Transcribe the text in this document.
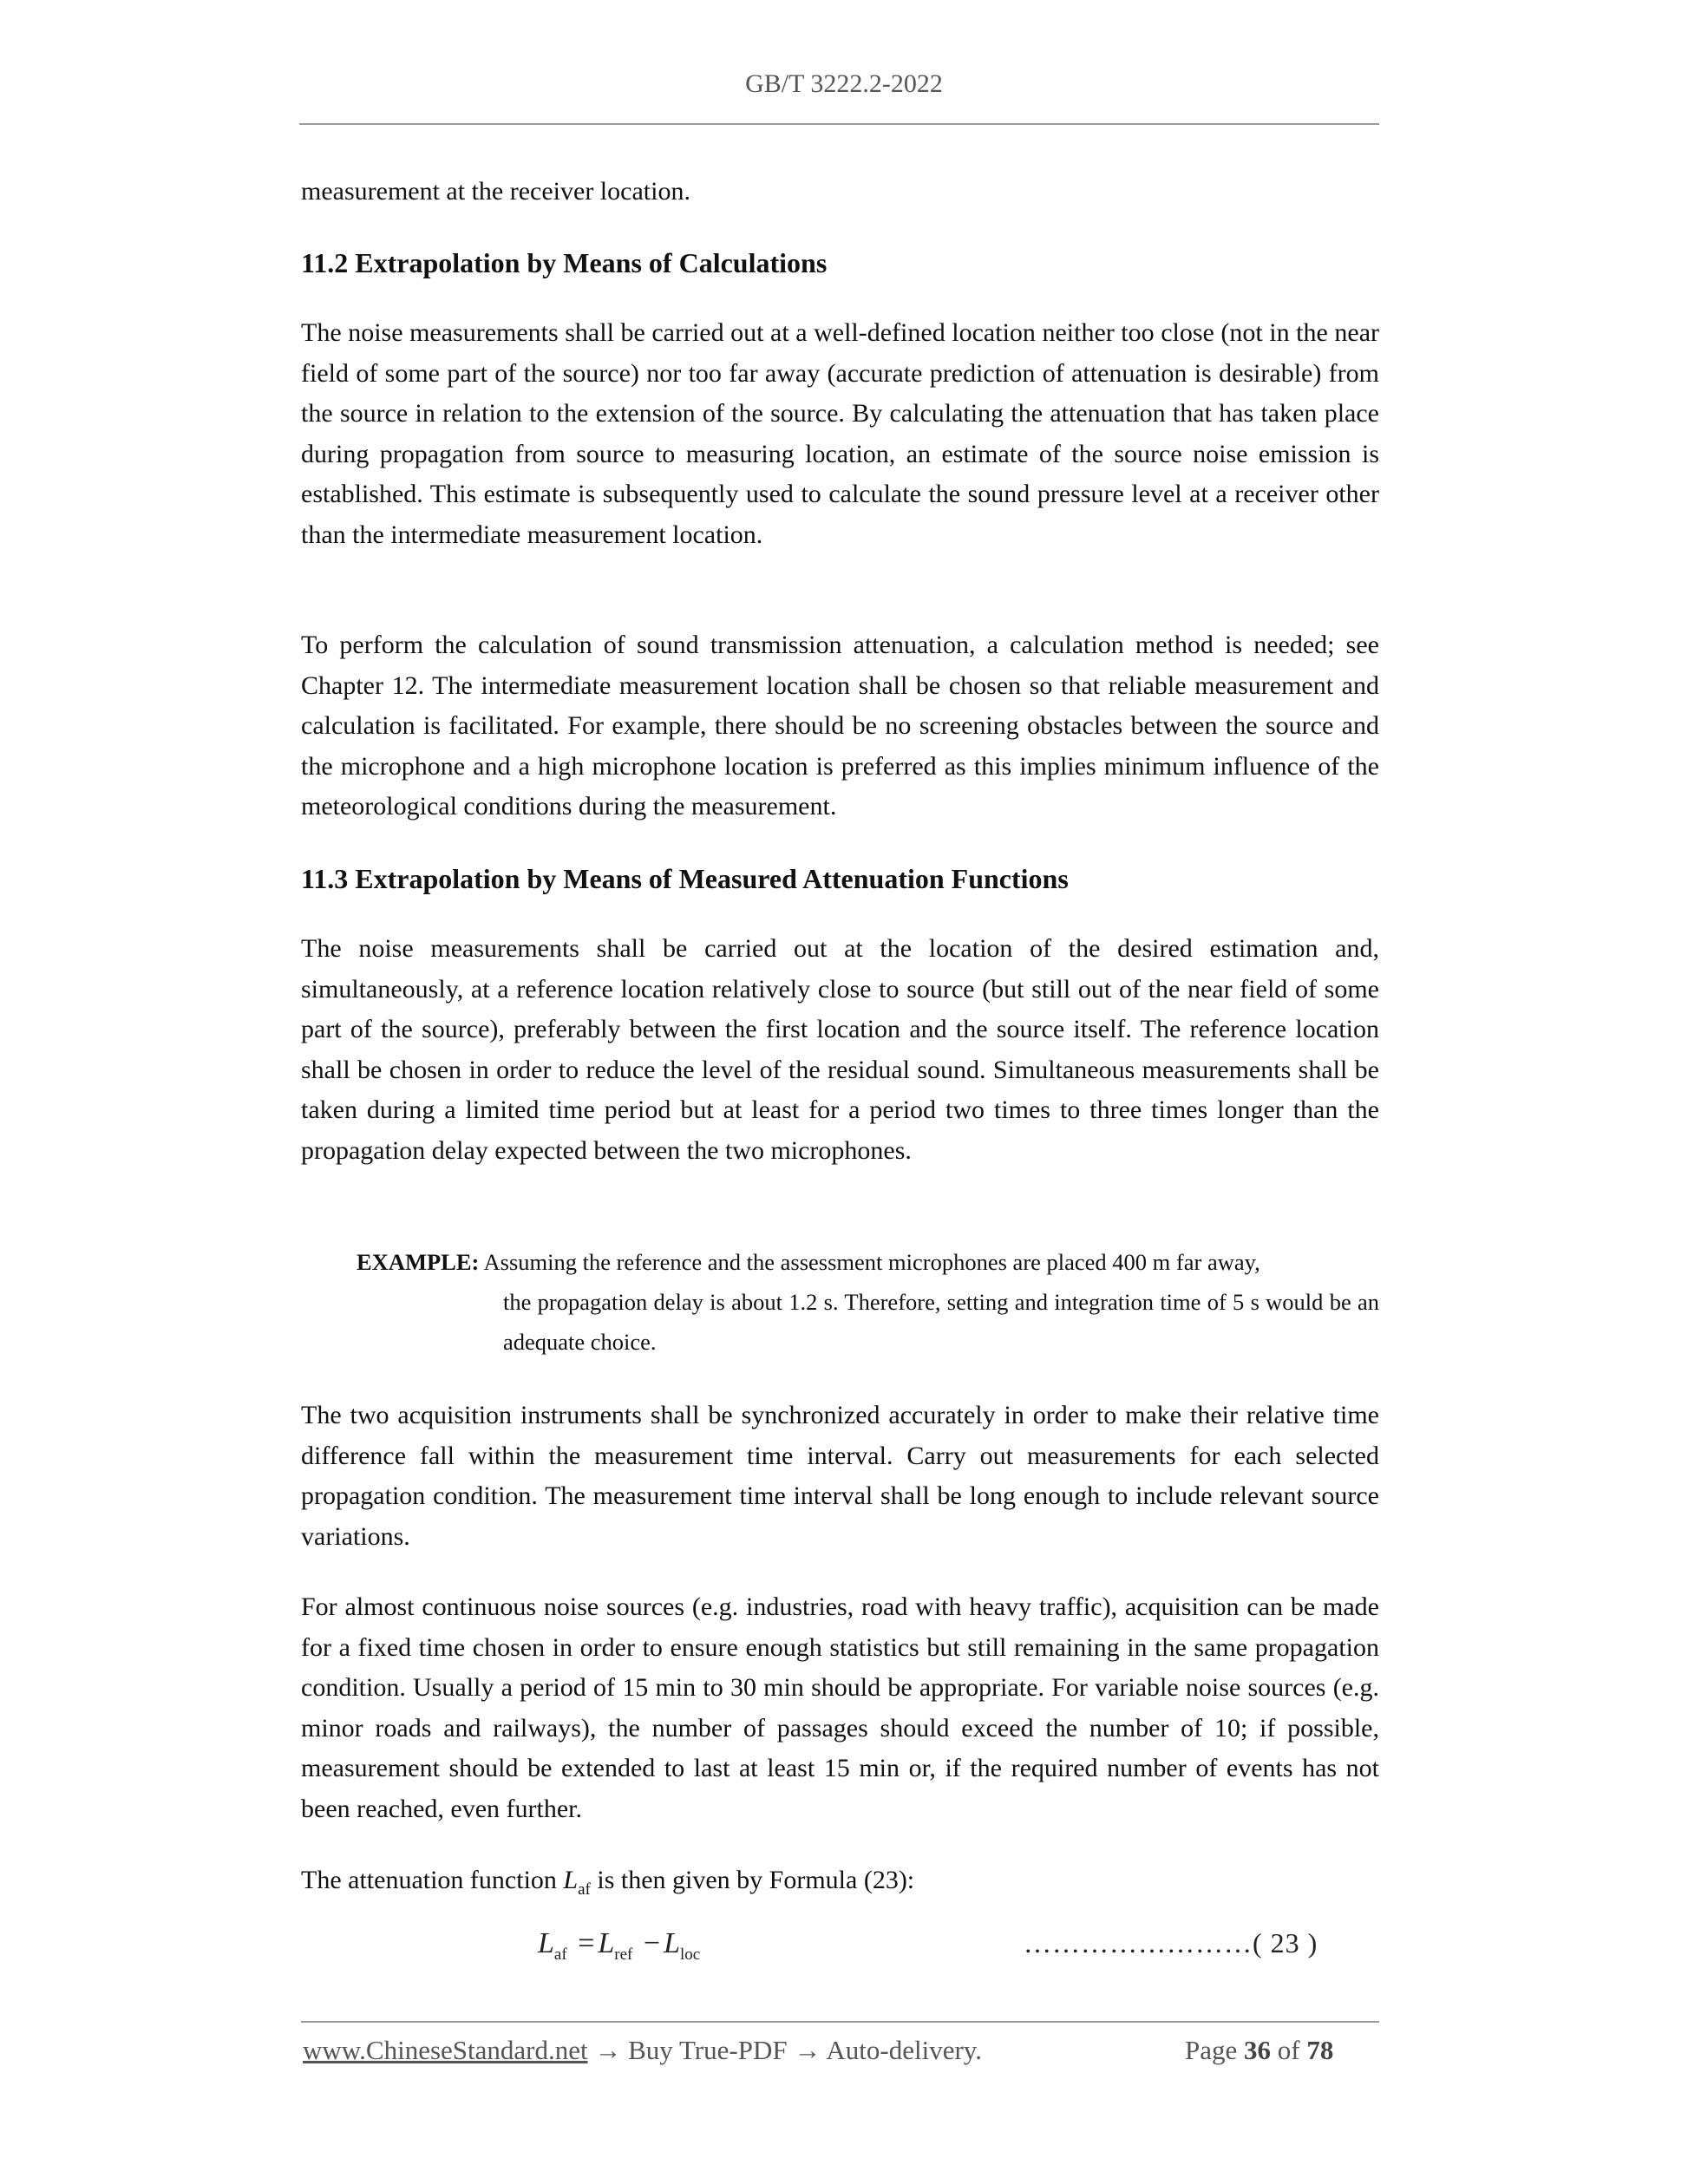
GB/T 3222.2-2022

measurement at the receiver location.

11.2 Extrapolation by Means of Calculations

The noise measurements shall be carried out at a well-defined location neither too close (not in the near field of some part of the source) nor too far away (accurate prediction of attenuation is desirable) from the source in relation to the extension of the source. By calculating the attenuation that has taken place during propagation from source to measuring location, an estimate of the source noise emission is established. This estimate is subsequently used to calculate the sound pressure level at a receiver other than the intermediate measurement location.

To perform the calculation of sound transmission attenuation, a calculation method is needed; see Chapter 12. The intermediate measurement location shall be chosen so that reliable measurement and calculation is facilitated. For example, there should be no screening obstacles between the source and the microphone and a high microphone location is preferred as this implies minimum influence of the meteorological conditions during the measurement.

11.3 Extrapolation by Means of Measured Attenuation Functions

The noise measurements shall be carried out at the location of the desired estimation and, simultaneously, at a reference location relatively close to source (but still out of the near field of some part of the source), preferably between the first location and the source itself. The reference location shall be chosen in order to reduce the level of the residual sound. Simultaneous measurements shall be taken during a limited time period but at least for a period two times to three times longer than the propagation delay expected between the two microphones.

EXAMPLE: Assuming the reference and the assessment microphones are placed 400 m far away,
the propagation delay is about 1.2 s. Therefore, setting and integration time of 5 s would be an adequate choice.

The two acquisition instruments shall be synchronized accurately in order to make their relative time difference fall within the measurement time interval. Carry out measurements for each selected propagation condition. The measurement time interval shall be long enough to include relevant source variations.

For almost continuous noise sources (e.g. industries, road with heavy traffic), acquisition can be made for a fixed time chosen in order to ensure enough statistics but still remaining in the same propagation condition. Usually a period of 15 min to 30 min should be appropriate. For variable noise sources (e.g. minor roads and railways), the number of passages should exceed the number of 10; if possible, measurement should be extended to last at least 15 min or, if the required number of events has not been reached, even further.

The attenuation function $L_{af}$ is then given by Formula (23):

$L_{af} = L_{ref} - L_{loc}$	……………………( 23 )
www.ChineseStandard.net → Buy True-PDF → Auto-delivery.	Page 36 of 78
